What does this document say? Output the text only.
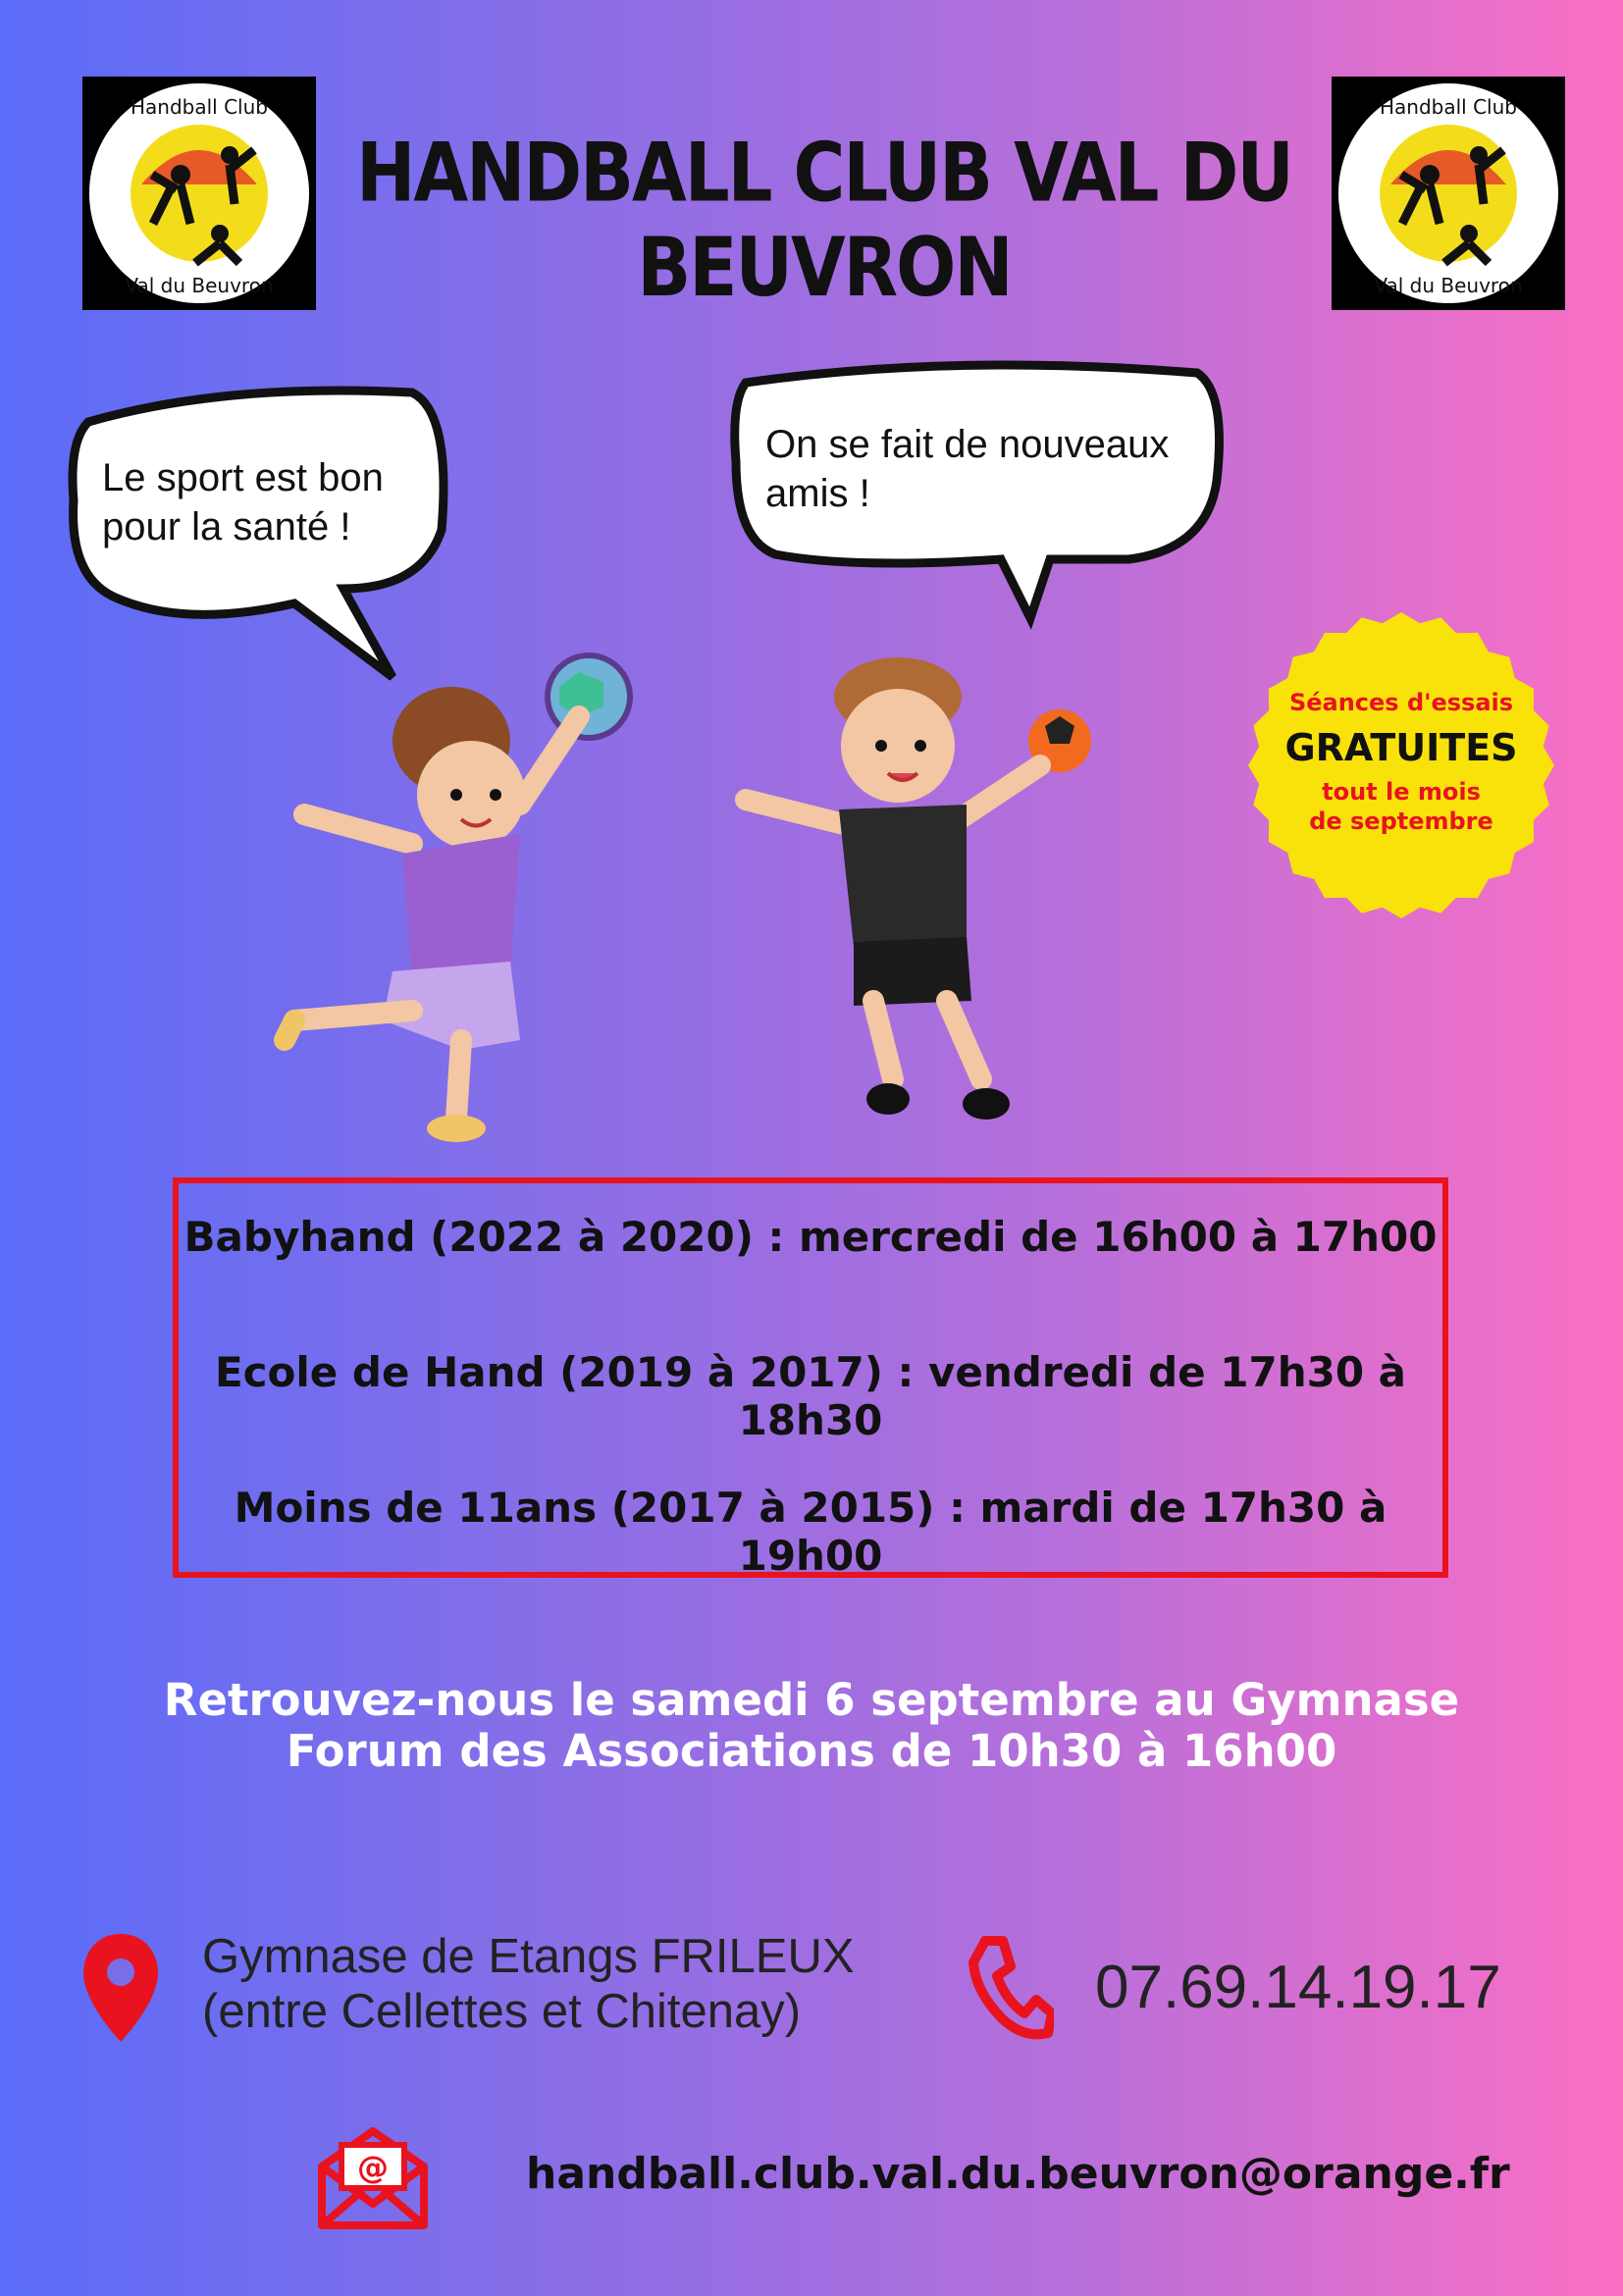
Handball Club
Val du Beuvron
Handball Club
Val du Beuvron
HANDBALL CLUB VAL DU BEUVRON
Le sport est bon
pour la santé !
On se fait de nouveaux
amis !
Séances d'essais
GRATUITES
tout le mois
de septembre
Babyhand (2022 à 2020) : mercredi de 16h00 à 17h00
Ecole de Hand (2019 à 2017) : vendredi de 17h30 à 18h30
Moins de 11ans (2017 à 2015) : mardi de 17h30 à 19h00
Retrouvez-nous le samedi 6 septembre au Gymnase
Forum des Associations de 10h30 à 16h00
Gymnase de Etangs FRILEUX
(entre Cellettes et Chitenay)	07.69.14.19.17
@	handball.club.val.du.beuvron@orange.fr
